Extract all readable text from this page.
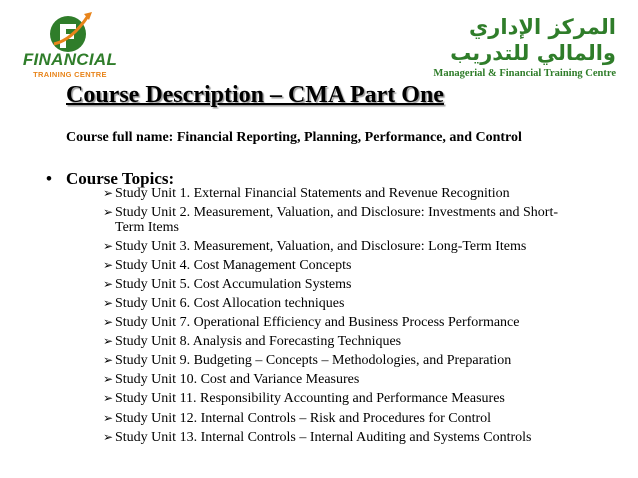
FINANCIAL
TRAINING CENTRE
المركز الإداري والمالي للتدريب
Managerial & Financial Training Centre
Course Description – CMA Part One
Course full name: Financial Reporting, Planning, Performance, and Control
• Course Topics:
➢ Study Unit 1. External Financial Statements and Revenue Recognition
➢ Study Unit 2. Measurement, Valuation, and Disclosure: Investments and Short-Term Items
➢ Study Unit 3. Measurement, Valuation, and Disclosure: Long-Term Items
➢ Study Unit 4. Cost Management Concepts
➢ Study Unit 5. Cost Accumulation Systems
➢ Study Unit 6. Cost Allocation techniques
➢ Study Unit 7. Operational Efficiency and Business Process Performance
➢ Study Unit 8. Analysis and Forecasting Techniques
➢ Study Unit 9. Budgeting – Concepts – Methodologies, and Preparation
➢ Study Unit 10. Cost and Variance Measures
➢ Study Unit 11. Responsibility Accounting and Performance Measures
➢ Study Unit 12. Internal Controls – Risk and Procedures for Control
➢ Study Unit 13. Internal Controls – Internal Auditing and Systems Controls
